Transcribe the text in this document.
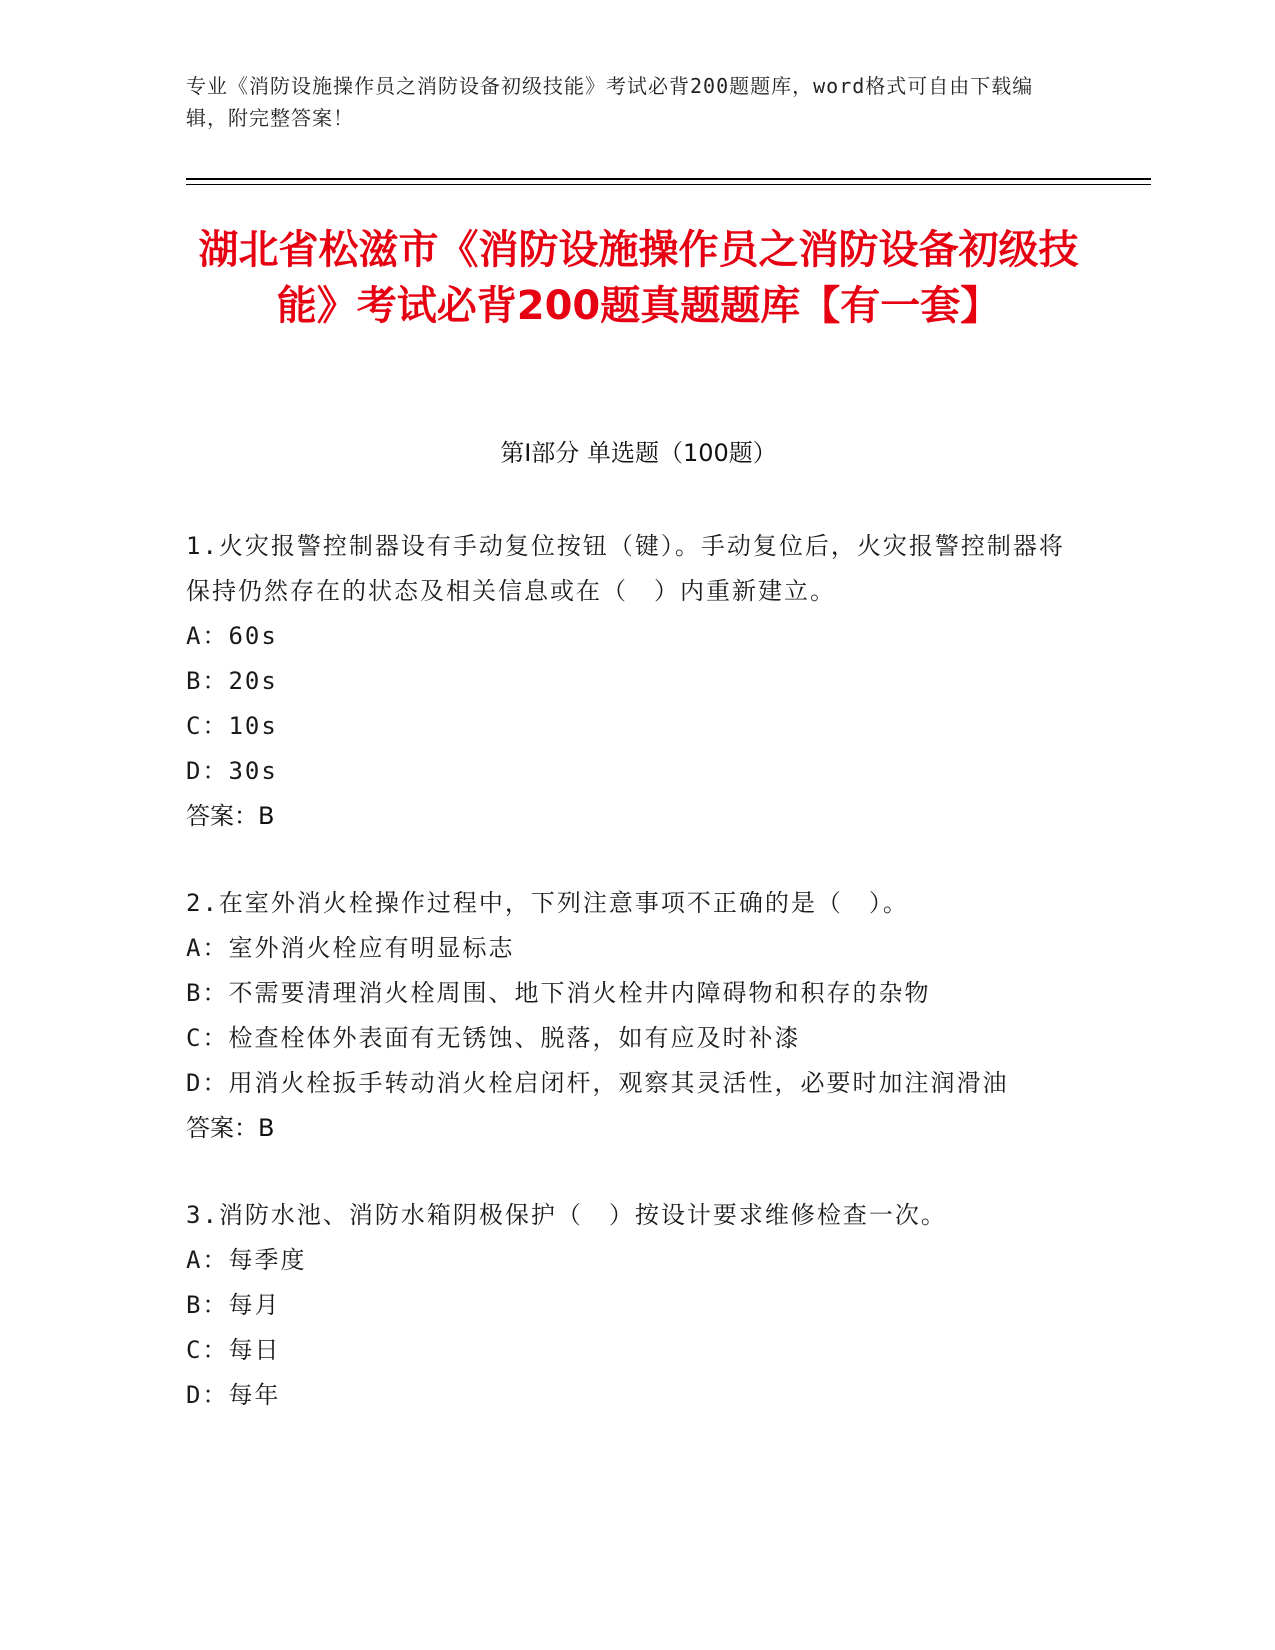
专业《消防设施操作员之消防设备初级技能》考试必背200题题库，word格式可自由下载编辑，附完整答案！
湖北省松滋市《消防设施操作员之消防设备初级技能》考试必背200题真题题库【有一套】
第Ⅰ部分 单选题（100题）

1.火灾报警控制器设有手动复位按钮（键）。手动复位后，火灾报警控制器将保持仍然存在的状态及相关信息或在（　）内重新建立。

A：60s

B：20s

C：10s

D：30s

答案：B

2.在室外消火栓操作过程中，下列注意事项不正确的是（　）。

A：室外消火栓应有明显标志

B：不需要清理消火栓周围、地下消火栓井内障碍物和积存的杂物

C：检查栓体外表面有无锈蚀、脱落，如有应及时补漆

D：用消火栓扳手转动消火栓启闭杆，观察其灵活性，必要时加注润滑油

答案：B

3.消防水池、消防水箱阴极保护（　）按设计要求维修检查一次。

A：每季度

B：每月

C：每日

D：每年
